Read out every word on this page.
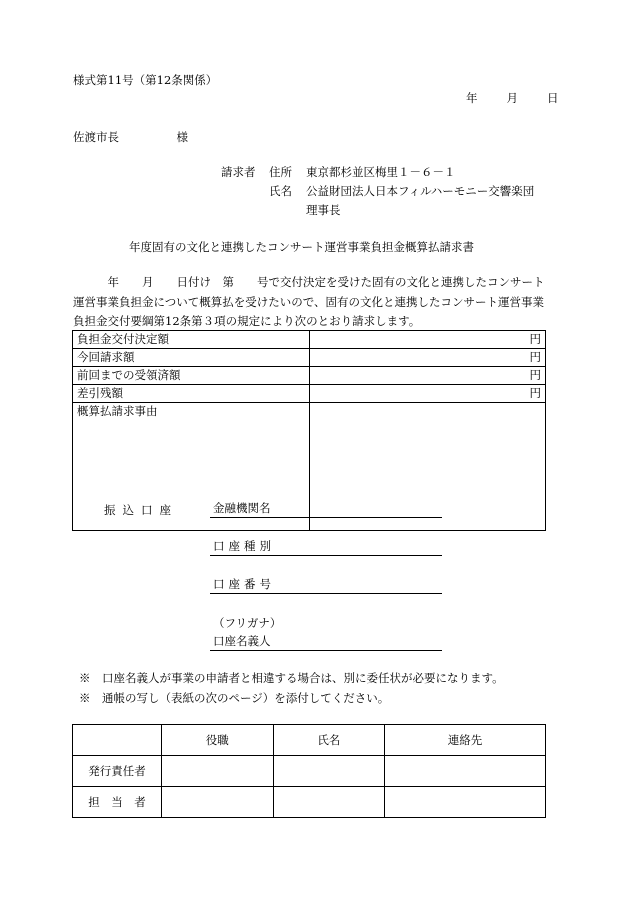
様式第11号（第12条関係）
年　　月　　日
佐渡市長　　　　　様
請求者 住所 東京都杉並区梅里１－６－１
氏名 公益財団法人日本フィルハーモニー交響楽団
理事長
年度固有の文化と連携したコンサート運営事業負担金概算払請求書
　　　年　　月　　日付け　第　　号で交付決定を受けた固有の文化と連携したコンサート運営事業負担金について概算払を受けたいので、固有の文化と連携したコンサート運営事業負担金交付要綱第12条第３項の規定により次のとおり請求します。
負担金交付決定額	円
今回請求額	円
前回までの受領済額	円
差引残額	円
概算払請求事由	
振込口座	金融機関名
口座種別
口座番号
（フリガナ）
口座名義人
※　口座名義人が事業の申請者と相違する場合は、別に委任状が必要になります。
※　通帳の写し（表紙の次のページ）を添付してください。
	役職	氏名	連絡先
発行責任者			
担　当　者			
